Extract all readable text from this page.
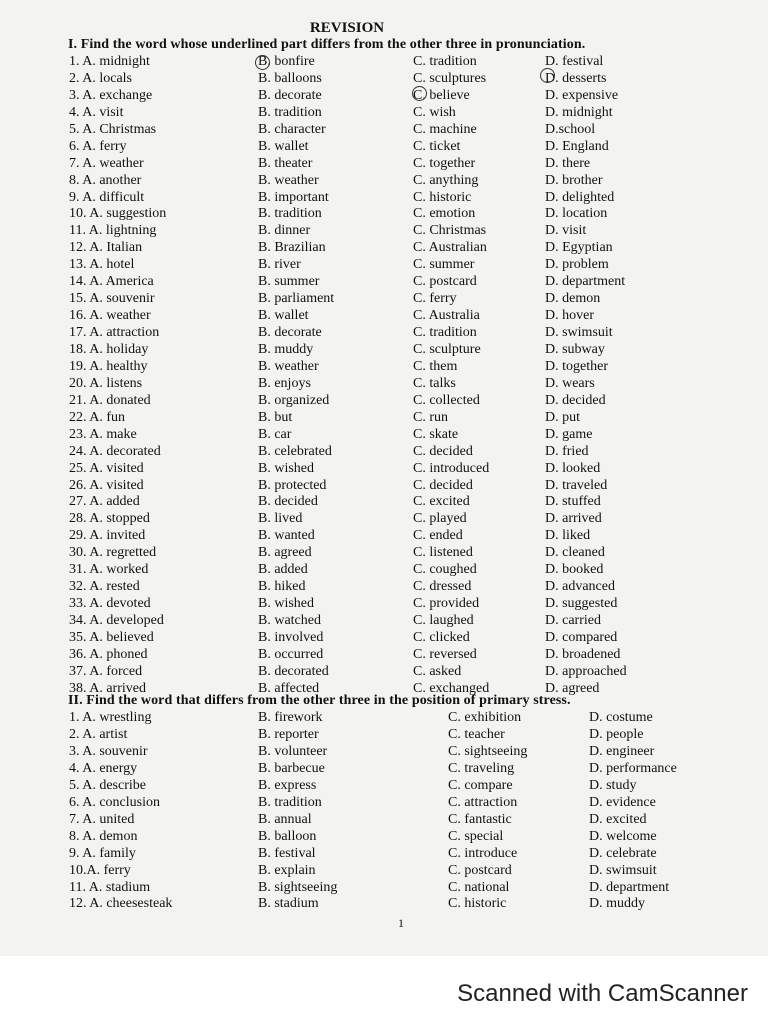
REVISION
I. Find the word whose underlined part differs from the other three in pronunciation.
1. A. midnight	B. bonfire	C. tradition	D. festival
2. A. locals	B. balloons	C. sculptures	D. desserts
3. A. exchange	B. decorate	C. believe	D. expensive
4. A. visit	B. tradition	C. wish	D. midnight
5. A. Christmas	B. character	C. machine	D.school
6. A. ferry	B. wallet	C. ticket	D. England
7. A. weather	B. theater	C. together	D. there
8. A. another	B. weather	C. anything	D. brother
9. A. difficult	B. important	C. historic	D. delighted
10. A. suggestion	B. tradition	C. emotion	D. location
11. A. lightning	B. dinner	C. Christmas	D. visit
12. A. Italian	B. Brazilian	C. Australian	D. Egyptian
13. A. hotel	B. river	C. summer	D. problem
14. A. America	B. summer	C. postcard	D. department
15. A. souvenir	B. parliament	C. ferry	D. demon
16. A. weather	B. wallet	C. Australia	D. hover
17. A. attraction	B. decorate	C. tradition	D. swimsuit
18. A. holiday	B. muddy	C. sculpture	D. subway
19. A. healthy	B. weather	C. them	D. together
20. A. listens	B. enjoys	C. talks	D. wears
21. A. donated	B. organized	C. collected	D. decided
22. A. fun	B. but	C. run	D. put
23. A. make	B. car	C. skate	D. game
24. A. decorated	B. celebrated	C. decided	D. fried
25. A. visited	B. wished	C. introduced	D. looked
26. A. visited	B. protected	C. decided	D. traveled
27. A. added	B. decided	C. excited	D. stuffed
28. A. stopped	B. lived	C. played	D. arrived
29. A. invited	B. wanted	C. ended	D. liked
30. A. regretted	B. agreed	C. listened	D. cleaned
31. A. worked	B. added	C. coughed	D. booked
32. A. rested	B. hiked	C. dressed	D. advanced
33. A. devoted	B. wished	C. provided	D. suggested
34. A. developed	B. watched	C. laughed	D. carried
35. A. believed	B. involved	C. clicked	D. compared
36. A. phoned	B. occurred	C. reversed	D. broadened
37. A. forced	B. decorated	C. asked	D. approached
38. A. arrived	B. affected	C. exchanged	D. agreed
II. Find the word that differs from the other three in the position of primary stress.
1. A. wrestling	B. firework	C. exhibition	D. costume
2. A. artist	B. reporter	C. teacher	D. people
3. A. souvenir	B. volunteer	C. sightseeing	D. engineer
4. A. energy	B. barbecue	C. traveling	D. performance
5. A. describe	B. express	C. compare	D. study
6. A. conclusion	B. tradition	C. attraction	D. evidence
7. A. united	B. annual	C. fantastic	D. excited
8. A. demon	B. balloon	C. special	D. welcome
9. A. family	B. festival	C. introduce	D. celebrate
10.A. ferry	B. explain	C. postcard	D. swimsuit
11. A. stadium	B. sightseeing	C. national	D. department
12. A. cheesesteak	B. stadium	C. historic	D. muddy
1
Scanned with CamScanner
